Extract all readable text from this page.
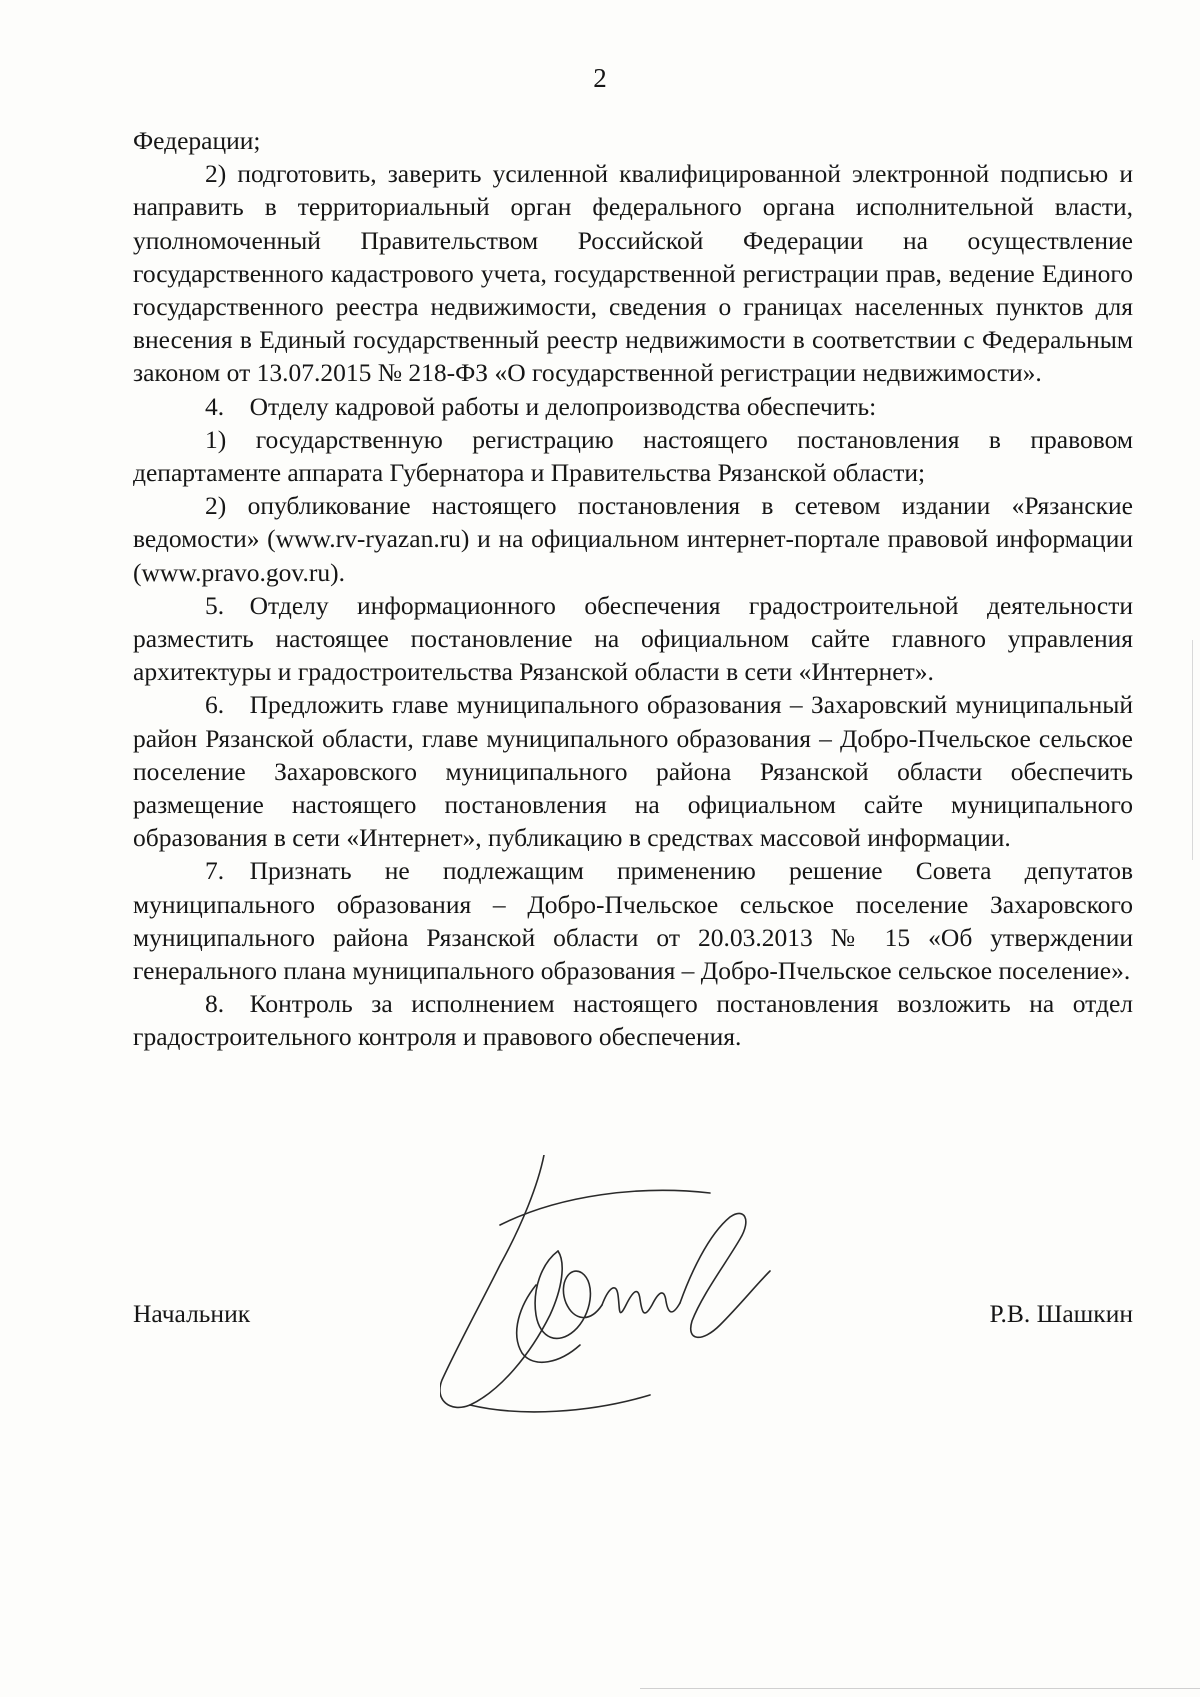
2

Федерации;

2) подготовить, заверить усиленной квалифицированной электронной подписью и направить в территориальный орган федерального органа исполнительной власти, уполномоченный Правительством Российской Федерации на осуществление государственного кадастрового учета, государственной регистрации прав, ведение Единого государственного реестра недвижимости, сведения о границах населенных пунктов для внесения в Единый государственный реестр недвижимости в соответствии с Федеральным законом от 13.07.2015 № 218-ФЗ «О государственной регистрации недвижимости».

4. Отделу кадровой работы и делопроизводства обеспечить:

1) государственную регистрацию настоящего постановления в правовом департаменте аппарата Губернатора и Правительства Рязанской области;

2) опубликование настоящего постановления в сетевом издании «Рязанские ведомости» (www.rv-ryazan.ru) и на официальном интернет-портале правовой информации (www.pravo.gov.ru).

5. Отделу информационного обеспечения градостроительной деятельности разместить настоящее постановление на официальном сайте главного управления архитектуры и градостроительства Рязанской области в сети «Интернет».

6. Предложить главе муниципального образования – Захаровский муниципальный район Рязанской области, главе муниципального образования – Добро-Пчельское сельское поселение Захаровского муниципального района Рязанской области обеспечить размещение настоящего постановления на официальном сайте муниципального образования в сети «Интернет», публикацию в средствах массовой информации.

7. Признать не подлежащим применению решение Совета депутатов муниципального образования – Добро-Пчельское сельское поселение Захаровского муниципального района Рязанской области от 20.03.2013 № 15 «Об утверждении генерального плана муниципального образования – Добро-Пчельское сельское поселение».

8. Контроль за исполнением настоящего постановления возложить на отдел градостроительного контроля и правового обеспечения.

Начальник	Р.В. Шашкин
